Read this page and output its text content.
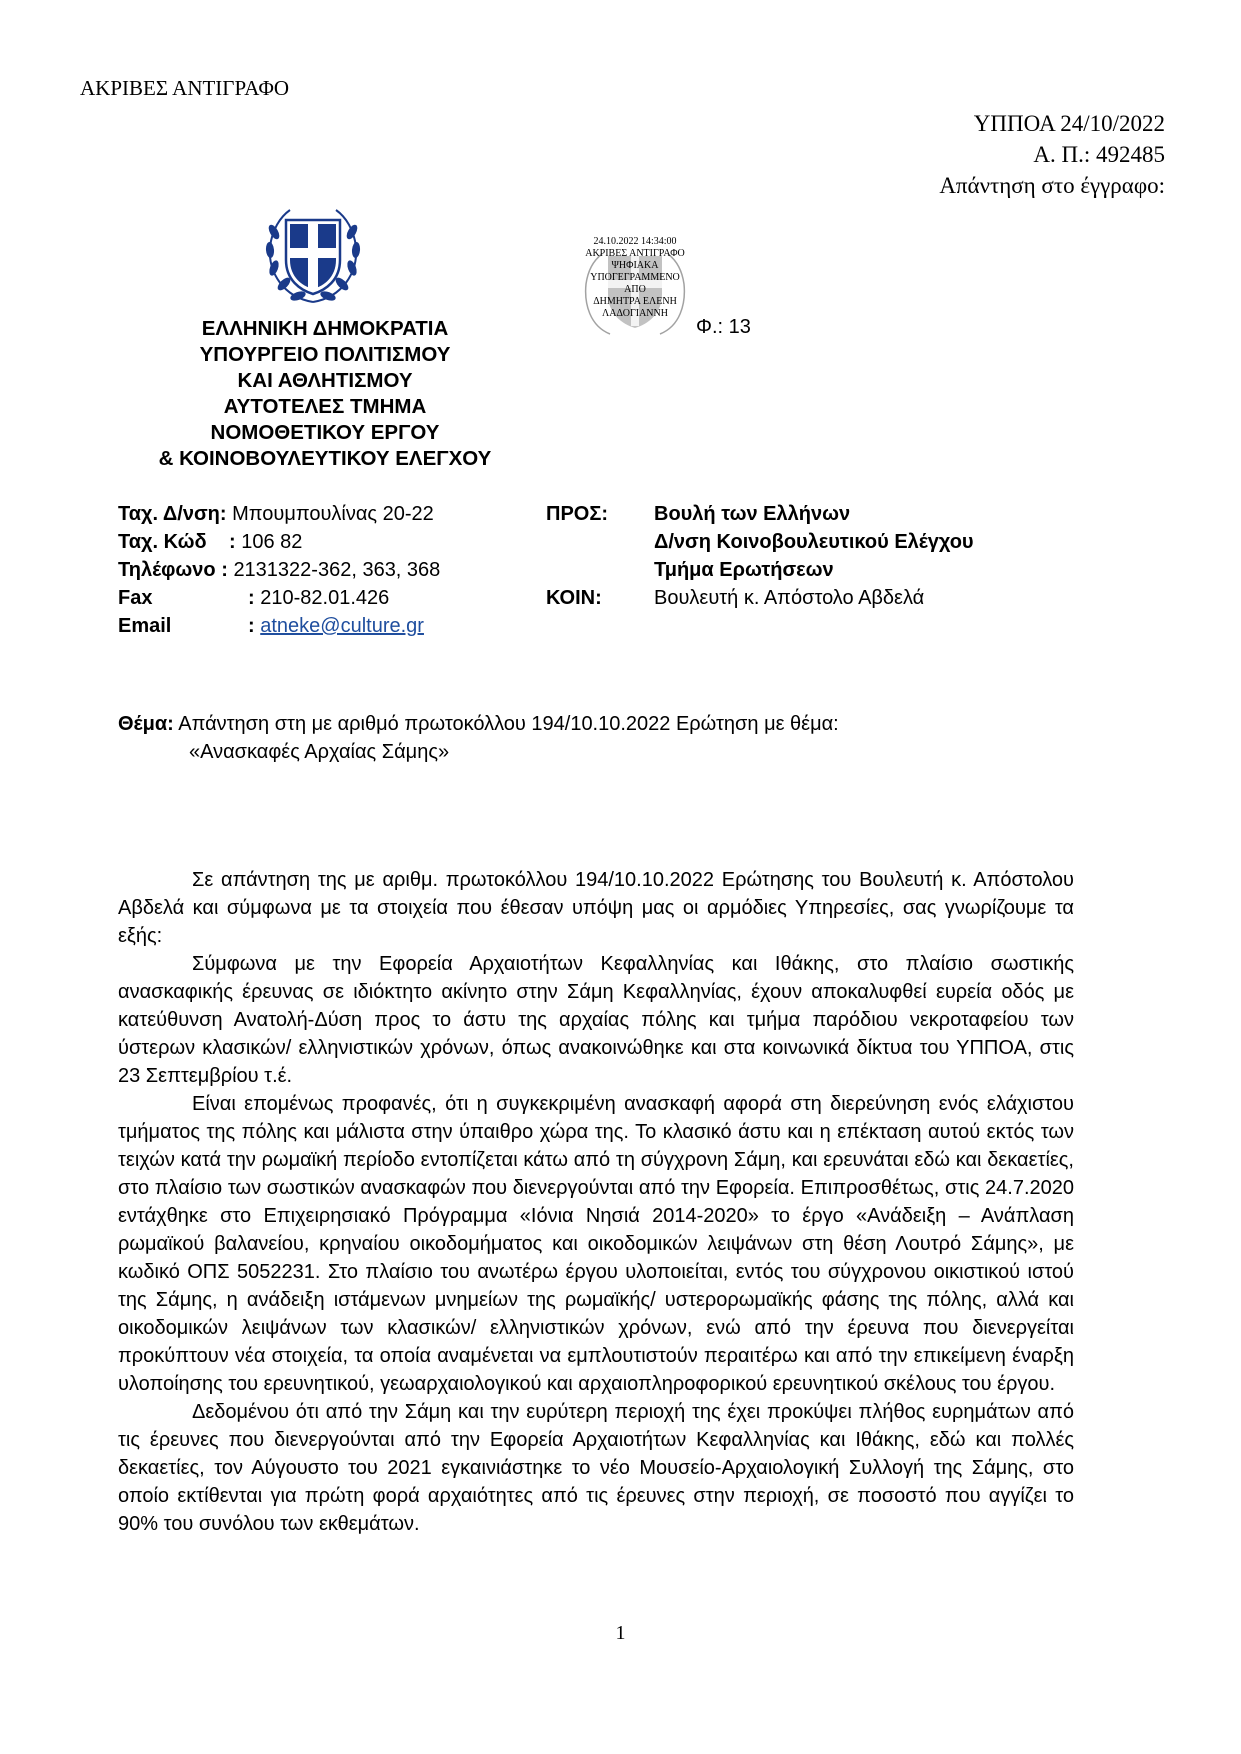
ΑΚΡΙΒΕΣ ΑΝΤΙΓΡΑΦΟ
ΥΠΠΟΑ 24/10/2022
Α. Π.: 492485
Απάντηση στο έγγραφο:
ΕΛΛΗΝΙΚΗ ΔΗΜΟΚΡΑΤΙΑ
ΥΠΟΥΡΓΕΙΟ ΠΟΛΙΤΙΣΜΟΥ
ΚΑΙ ΑΘΛΗΤΙΣΜΟΥ
ΑΥΤΟΤΕΛΕΣ ΤΜΗΜΑ
ΝΟΜΟΘΕΤΙΚΟΥ ΕΡΓΟΥ
& ΚΟΙΝΟΒΟΥΛΕΥΤΙΚΟΥ ΕΛΕΓΧΟΥ
24.10.2022 14:34:00
ΑΚΡΙΒΕΣ ΑΝΤΙΓΡΑΦΟ
ΨΗΦΙΑΚΑ
ΥΠΟΓΕΓΡΑΜΜΕΝΟ
ΑΠΟ
ΔΗΜΗΤΡΑ ΕΛΕΝΗ
ΛΑΔΟΓΙΑΝΝΗ
Φ.: 13
Ταχ. Δ/νση: Μπουμπουλίνας 20-22
Ταχ. Κώδ : 106 82
Τηλέφωνο : 2131322-362, 363, 368
Fax	: 210-82.01.426
Email	: atneke@culture.gr
ΠΡΟΣ: Βουλή των Ελλήνων
Δ/νση Κοινοβουλευτικού Ελέγχου
Τμήμα Ερωτήσεων
ΚΟΙΝ:	Βουλευτή κ. Απόστολο Αβδελά
Θέμα: Απάντηση στη με αριθμό πρωτοκόλλου 194/10.10.2022 Ερώτηση με θέμα:
«Ανασκαφές Αρχαίας Σάμης»

Σε απάντηση της με αριθμ. πρωτοκόλλου 194/10.10.2022 Ερώτησης του Βουλευτή κ. Απόστολου Αβδελά και σύμφωνα με τα στοιχεία που έθεσαν υπόψη μας οι αρμόδιες Υπηρεσίες, σας γνωρίζουμε τα εξής:

Σύμφωνα με την Εφορεία Αρχαιοτήτων Κεφαλληνίας και Ιθάκης, στο πλαίσιο σωστικής ανασκαφικής έρευνας σε ιδιόκτητο ακίνητο στην Σάμη Κεφαλληνίας, έχουν αποκαλυφθεί ευρεία οδός με κατεύθυνση Ανατολή-Δύση προς το άστυ της αρχαίας πόλης και τμήμα παρόδιου νεκροταφείου των ύστερων κλασικών/ ελληνιστικών χρόνων, όπως ανακοινώθηκε και στα κοινωνικά δίκτυα του ΥΠΠΟΑ, στις 23 Σεπτεμβρίου τ.έ.

Είναι επομένως προφανές, ότι η συγκεκριμένη ανασκαφή αφορά στη διερεύνηση ενός ελάχιστου τμήματος της πόλης και μάλιστα στην ύπαιθρο χώρα της. Το κλασικό άστυ και η επέκταση αυτού εκτός των τειχών κατά την ρωμαϊκή περίοδο εντοπίζεται κάτω από τη σύγχρονη Σάμη, και ερευνάται εδώ και δεκαετίες, στο πλαίσιο των σωστικών ανασκαφών που διενεργούνται από την Εφορεία. Επιπροσθέτως, στις 24.7.2020 εντάχθηκε στο Επιχειρησιακό Πρόγραμμα «Ιόνια Νησιά 2014-2020» το έργο «Ανάδειξη – Ανάπλαση ρωμαϊκού βαλανείου, κρηναίου οικοδομήματος και οικοδομικών λειψάνων στη θέση Λουτρό Σάμης», με κωδικό ΟΠΣ 5052231. Στο πλαίσιο του ανωτέρω έργου υλοποιείται, εντός του σύγχρονου οικιστικού ιστού της Σάμης, η ανάδειξη ιστάμενων μνημείων της ρωμαϊκής/ υστερορωμαϊκής φάσης της πόλης, αλλά και οικοδομικών λειψάνων των κλασικών/ ελληνιστικών χρόνων, ενώ από την έρευνα που διενεργείται προκύπτουν νέα στοιχεία, τα οποία αναμένεται να εμπλουτιστούν περαιτέρω και από την επικείμενη έναρξη υλοποίησης του ερευνητικού, γεωαρχαιολογικού και αρχαιοπληροφορικού ερευνητικού σκέλους του έργου.

Δεδομένου ότι από την Σάμη και την ευρύτερη περιοχή της έχει προκύψει πλήθος ευρημάτων από τις έρευνες που διενεργούνται από την Εφορεία Αρχαιοτήτων Κεφαλληνίας και Ιθάκης, εδώ και πολλές δεκαετίες, τον Αύγουστο του 2021 εγκαινιάστηκε το νέο Μουσείο-Αρχαιολογική Συλλογή της Σάμης, στο οποίο εκτίθενται για πρώτη φορά αρχαιότητες από τις έρευνες στην περιοχή, σε ποσοστό που αγγίζει το 90% του συνόλου των εκθεμάτων.

1
